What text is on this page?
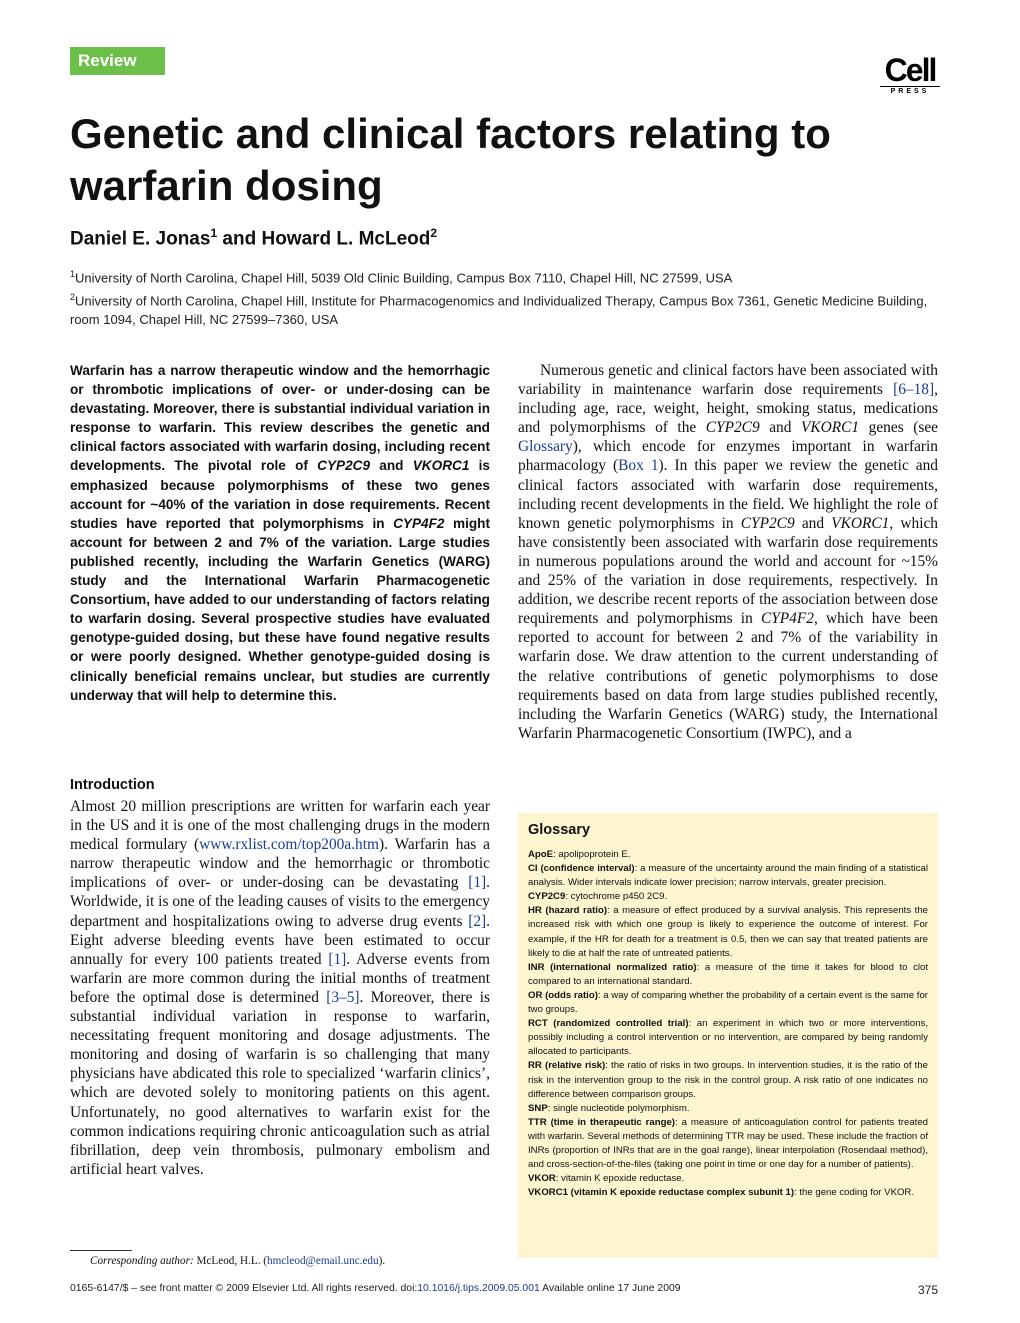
Review	Cell
PRESS
Genetic and clinical factors relating to warfarin dosing
Daniel E. Jonas$^1$ and Howard L. McLeod$^2$

$^1$University of North Carolina, Chapel Hill, 5039 Old Clinic Building, Campus Box 7110, Chapel Hill, NC 27599, USA

$^2$University of North Carolina, Chapel Hill, Institute for Pharmacogenomics and Individualized Therapy, Campus Box 7361, Genetic Medicine Building, room 1094, Chapel Hill, NC 27599–7360, USA

Warfarin has a narrow therapeutic window and the hemorrhagic or thrombotic implications of over- or under-dosing can be devastating. Moreover, there is substantial individual variation in response to warfarin. This review describes the genetic and clinical factors associated with warfarin dosing, including recent developments. The pivotal role of CYP2C9 and VKORC1 is emphasized because polymorphisms of these two genes account for ~40% of the variation in dose requirements. Recent studies have reported that polymorphisms in CYP4F2 might account for between 2 and 7% of the variation. Large studies published recently, including the Warfarin Genetics (WARG) study and the International Warfarin Pharmacogenetic Consortium, have added to our understanding of factors relating to warfarin dosing. Several prospective studies have evaluated genotype-guided dosing, but these have found negative results or were poorly designed. Whether genotype-guided dosing is clinically beneficial remains unclear, but studies are currently underway that will help to determine this.

Introduction

Almost 20 million prescriptions are written for warfarin each year in the US and it is one of the most challenging drugs in the modern medical formulary (www.rxlist.com/top200a.htm). Warfarin has a narrow therapeutic window and the hemorrhagic or thrombotic implications of over- or under-dosing can be devastating [1]. Worldwide, it is one of the leading causes of visits to the emergency department and hospitalizations owing to adverse drug events [2]. Eight adverse bleeding events have been estimated to occur annually for every 100 patients treated [1]. Adverse events from warfarin are more common during the initial months of treatment before the optimal dose is determined [3–5]. Moreover, there is substantial individual variation in response to warfarin, necessitating frequent monitoring and dosage adjustments. The monitoring and dosing of warfarin is so challenging that many physicians have abdicated this role to specialized ‘warfarin clinics’, which are devoted solely to monitoring patients on this agent. Unfortunately, no good alternatives to warfarin exist for the common indications requiring chronic anticoagulation such as atrial fibrillation, deep vein thrombosis, pulmonary embolism and artificial heart valves.

Numerous genetic and clinical factors have been associated with variability in maintenance warfarin dose requirements [6–18], including age, race, weight, height, smoking status, medications and polymorphisms of the CYP2C9 and VKORC1 genes (see Glossary), which encode for enzymes important in warfarin pharmacology (Box 1). In this paper we review the genetic and clinical factors associated with warfarin dose requirements, including recent developments in the field. We highlight the role of known genetic polymorphisms in CYP2C9 and VKORC1, which have consistently been associated with warfarin dose requirements in numerous populations around the world and account for ~15% and 25% of the variation in dose requirements, respectively. In addition, we describe recent reports of the association between dose requirements and polymorphisms in CYP4F2, which have been reported to account for between 2 and 7% of the variability in warfarin dose. We draw attention to the current understanding of the relative contributions of genetic polymorphisms to dose requirements based on data from large studies published recently, including the Warfarin Genetics (WARG) study, the International Warfarin Pharmacogenetic Consortium (IWPC), and a

Glossary

ApoE: apolipoprotein E.

CI (confidence interval): a measure of the uncertainty around the main finding of a statistical analysis. Wider intervals indicate lower precision; narrow intervals, greater precision.

CYP2C9: cytochrome p450 2C9.

HR (hazard ratio): a measure of effect produced by a survival analysis. This represents the increased risk with which one group is likely to experience the outcome of interest. For example, if the HR for death for a treatment is 0.5, then we can say that treated patients are likely to die at half the rate of untreated patients.

INR (international normalized ratio): a measure of the time it takes for blood to clot compared to an international standard.

OR (odds ratio): a way of comparing whether the probability of a certain event is the same for two groups.

RCT (randomized controlled trial): an experiment in which two or more interventions, possibly including a control intervention or no intervention, are compared by being randomly allocated to participants.

RR (relative risk): the ratio of risks in two groups. In intervention studies, it is the ratio of the risk in the intervention group to the risk in the control group. A risk ratio of one indicates no difference between comparison groups.

SNP: single nucleotide polymorphism.

TTR (time in therapeutic range): a measure of anticoagulation control for patients treated with warfarin. Several methods of determining TTR may be used. These include the fraction of INRs (proportion of INRs that are in the goal range), linear interpolation (Rosendaal method), and cross-section-of-the-files (taking one point in time or one day for a number of patients).

VKOR: vitamin K epoxide reductase.

VKORC1 (vitamin K epoxide reductase complex subunit 1): the gene coding for VKOR.

Corresponding author: McLeod, H.L. (hmcleod@email.unc.edu).
0165-6147/$ – see front matter © 2009 Elsevier Ltd. All rights reserved. doi:10.1016/j.tips.2009.05.001 Available online 17 June 2009	375
